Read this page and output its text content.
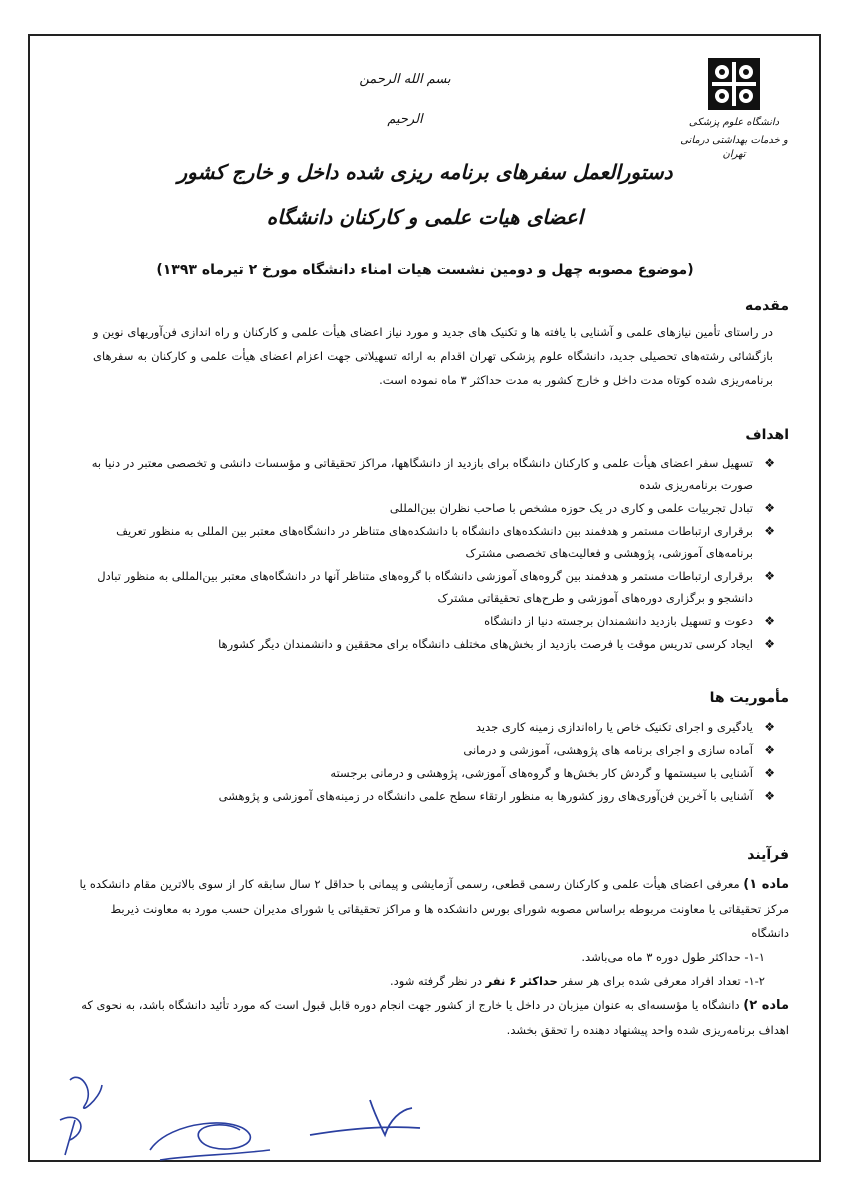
دانشگاه علوم پزشکی
و خدمات بهداشتی درمانی تهران
بسم الله الرحمن الرحیم
دستورالعمل سفرهای برنامه ریزی شده داخل و خارج کشور
اعضای هیات علمی و کارکنان دانشگاه
(موضوع مصوبه چهل و دومین نشست هیات امناء دانشگاه مورخ ۲ تیرماه ۱۳۹۳)
مقدمه
در راستای تأمین نیازهای علمی و آشنایی با یافته ها و تکنیک های جدید و مورد نیاز اعضای هیأت علمی و کارکنان و راه اندازی فن‌آوریهای نوین و بازگشائی رشته‌های تحصیلی جدید، دانشگاه علوم پزشکی تهران اقدام به ارائه تسهیلاتی جهت اعزام اعضای هیأت علمی و کارکنان به سفرهای برنامه‌ریزی شده کوتاه مدت داخل و خارج کشور به مدت حداکثر ۳ ماه نموده است.
اهداف
❖
تسهیل سفر اعضای هیأت علمی و کارکنان دانشگاه برای بازدید از دانشگاهها، مراکز تحقیقاتی و مؤسسات دانشی و تخصصی معتبر در دنیا به صورت برنامه‌ریزی شده
❖
تبادل تجربیات علمی و کاری در یک حوزه مشخص با صاحب نظران بین‌المللی
❖
برقراری ارتباطات مستمر و هدفمند بین دانشکده‌های دانشگاه با دانشکده‌های متناظر در دانشگاه‌های معتبر بین المللی به منظور تعریف برنامه‌های آموزشی، پژوهشی و فعالیت‌های تخصصی مشترک
❖
برقراری ارتباطات مستمر و هدفمند بین گروه‌های آموزشی دانشگاه با گروه‌های متناظر آنها در دانشگاه‌های معتبر بین‌المللی به منظور تبادل دانشجو و برگزاری دوره‌های آموزشی و طرح‌های تحقیقاتی مشترک
❖
دعوت و تسهیل بازدید دانشمندان برجسته دنیا از دانشگاه
❖
ایجاد کرسی تدریس موقت یا فرصت بازدید از بخش‌های مختلف دانشگاه برای محققین و دانشمندان دیگر کشورها
مأموریت ها
❖
یادگیری و اجرای تکنیک خاص یا راه‌اندازی زمینه کاری جدید
❖
آماده سازی و اجرای برنامه های پژوهشی، آموزشی و درمانی
❖
آشنایی با سیستمها و گردش کار بخش‌ها و گروه‌های آموزشی، پژوهشی و درمانی برجسته
❖
آشنایی با آخرین فن‌آوری‌های روز کشورها به منظور ارتقاء سطح علمی دانشگاه در زمینه‌های آموزشی و پژوهشی
فرآیند
ماده ۱) معرفی اعضای هیأت علمی و کارکنان رسمی قطعی، رسمی آزمایشی و پیمانی با حداقل ۲ سال سابقه کار از سوی بالاترین مقام دانشکده یا مرکز تحقیقاتی یا معاونت مربوطه براساس مصوبه شورای بورس دانشکده ها و مراکز تحقیقاتی یا شورای مدیران حسب مورد به معاونت ذیربط دانشگاه
۱-۱- حداکثر طول دوره ۳ ماه می‌باشد.
۱-۲- تعداد افراد معرفی شده برای هر سفر حداکثر ۶ نفر در نظر گرفته شود.
ماده ۲) دانشگاه یا مؤسسه‌ای به عنوان میزبان در داخل یا خارج از کشور جهت انجام دوره قابل قبول است که مورد تأئید دانشگاه باشد، به نحوی که اهداف برنامه‌ریزی شده واحد پیشنهاد دهنده را تحقق بخشد.
